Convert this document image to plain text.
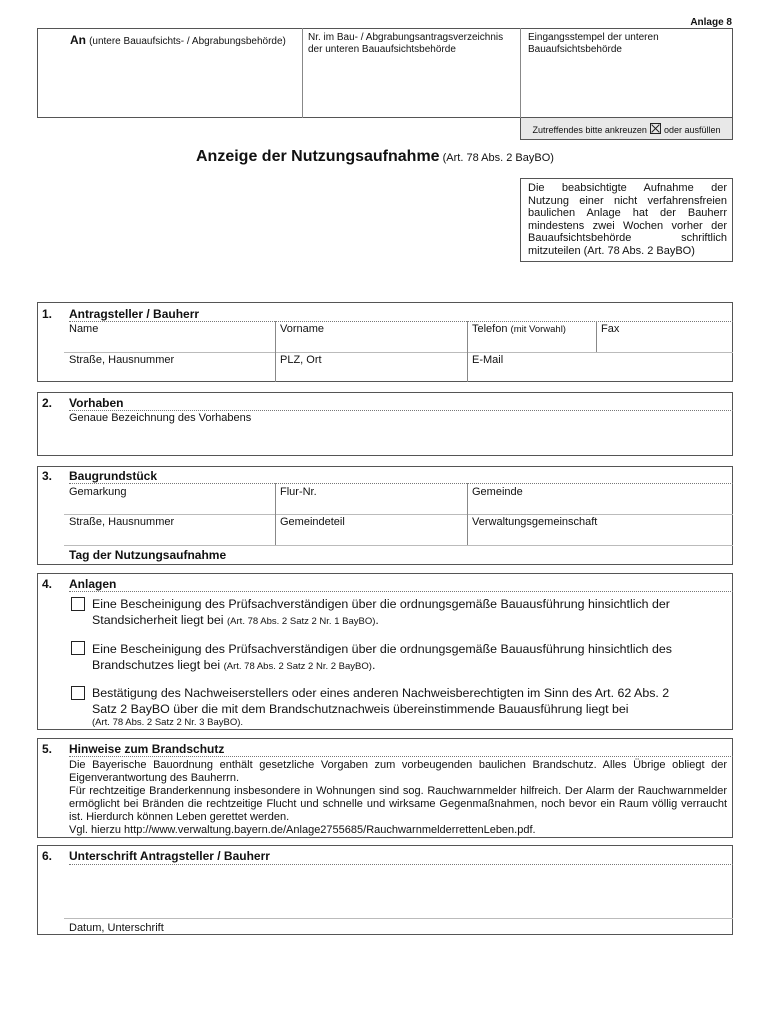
Anlage 8
An (untere Bauaufsichts- / Abgrabungsbehörde) Nr. im Bau- / Abgrabungsantragsverzeichnis der unteren Bauaufsichtsbehörde
Eingangsstempel der unteren Bauaufsichtsbehörde
Zutreffendes bitte ankreuzen oder ausfüllen
Anzeige der Nutzungsaufnahme (Art. 78 Abs. 2 BayBO)
Die beabsichtigte Aufnahme der Nutzung einer nicht verfahrensfreien baulichen Anlage hat der Bauherr mindestens zwei Wochen vorher der Bauaufsichtsbehörde schriftlich mitzuteilen (Art. 78 Abs. 2 BayBO)
1. Antragsteller / Bauherr
Name	Vorname	Telefon (mit Vorwahl)	Fax
Straße, Hausnummer	PLZ, Ort	E-Mail
2. Vorhaben
Genaue Bezeichnung des Vorhabens
3. Baugrundstück
Gemarkung	Flur-Nr.	Gemeinde
Straße, Hausnummer	Gemeindeteil	Verwaltungsgemeinschaft
Tag der Nutzungsaufnahme
4. Anlagen
Eine Bescheinigung des Prüfsachverständigen über die ordnungsgemäße Bauausführung hinsichtlich der
Standsicherheit liegt bei (Art. 78 Abs. 2 Satz 2 Nr. 1 BayBO).
Eine Bescheinigung des Prüfsachverständigen über die ordnungsgemäße Bauausführung hinsichtlich des
Brandschutzes liegt bei (Art. 78 Abs. 2 Satz 2 Nr. 2 BayBO).
Bestätigung des Nachweiserstellers oder eines anderen Nachweisberechtigten im Sinn des Art. 62 Abs. 2
Satz 2 BayBO über die mit dem Brandschutznachweis übereinstimmende Bauausführung liegt bei
(Art. 78 Abs. 2 Satz 2 Nr. 3 BayBO).
5. Hinweise zum Brandschutz
Die Bayerische Bauordnung enthält gesetzliche Vorgaben zum vorbeugenden baulichen Brandschutz. Alles Übrige obliegt der Eigenverantwortung des Bauherrn.
Für rechtzeitige Branderkennung insbesondere in Wohnungen sind sog. Rauchwarnmelder hilfreich. Der Alarm der Rauchwarnmelder ermöglicht bei Bränden die rechtzeitige Flucht und schnelle und wirksame Gegenmaßnahmen, noch bevor ein Raum völlig verraucht ist. Hierdurch können Leben gerettet werden.
Vgl. hierzu http://www.verwaltung.bayern.de/Anlage2755685/RauchwarnmelderrettenLeben.pdf.
6. Unterschrift Antragsteller / Bauherr
Datum, Unterschrift
